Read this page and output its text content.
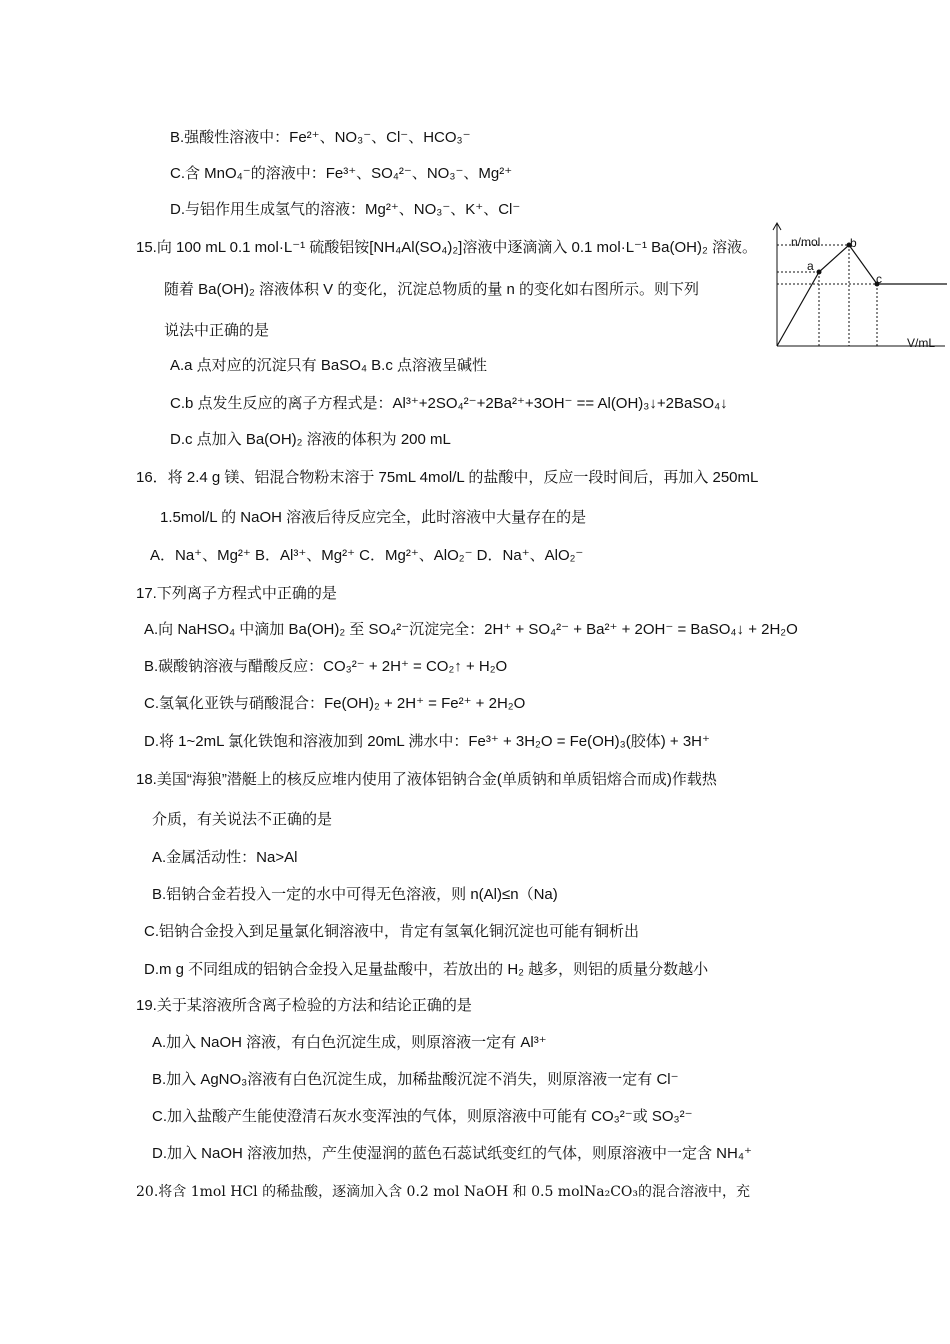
B.强酸性溶液中：Fe²⁺、NO₃⁻、Cl⁻、HCO₃⁻
C.含 MnO₄⁻的溶液中：Fe³⁺、SO₄²⁻、NO₃⁻、Mg²⁺
D.与铝作用生成氢气的溶液：Mg²⁺、NO₃⁻、K⁺、Cl⁻
15.向 100 mL 0.1 mol·L⁻¹ 硫酸铝铵[NH₄Al(SO₄)₂]溶液中逐滴滴入 0.1 mol·L⁻¹ Ba(OH)₂ 溶液。
随着 Ba(OH)₂ 溶液体积 V 的变化，沉淀总物质的量 n 的变化如右图所示。则下列
说法中正确的是
A.a 点对应的沉淀只有 BaSO₄ B.c 点溶液呈碱性
C.b 点发生反应的离子方程式是：Al³⁺+2SO₄²⁻+2Ba²⁺+3OH⁻ == Al(OH)₃↓+2BaSO₄↓
D.c 点加入 Ba(OH)₂ 溶液的体积为 200 mL
16．将 2.4 g 镁、铝混合物粉末溶于 75mL 4mol/L 的盐酸中，反应一段时间后，再加入 250mL
1.5mol/L 的 NaOH 溶液后待反应完全，此时溶液中大量存在的是
A．Na⁺、Mg²⁺ B．Al³⁺、Mg²⁺ C．Mg²⁺、AlO₂⁻ D．Na⁺、AlO₂⁻
17.下列离子方程式中正确的是
A.向 NaHSO₄ 中滴加 Ba(OH)₂ 至 SO₄²⁻沉淀完全：2H⁺ + SO₄²⁻ + Ba²⁺ + 2OH⁻ = BaSO₄↓ + 2H₂O
B.碳酸钠溶液与醋酸反应：CO₃²⁻ + 2H⁺ = CO₂↑ + H₂O
C.氢氧化亚铁与硝酸混合：Fe(OH)₂ + 2H⁺ = Fe²⁺ + 2H₂O
D.将 1~2mL 氯化铁饱和溶液加到 20mL 沸水中：Fe³⁺ + 3H₂O = Fe(OH)₃(胶体) + 3H⁺
18.美国“海狼”潜艇上的核反应堆内使用了液体铝钠合金(单质钠和单质铝熔合而成)作载热
介质，有关说法不正确的是
A.金属活动性：Na>Al
B.铝钠合金若投入一定的水中可得无色溶液，则 n(Al)≤n（Na)
C.铝钠合金投入到足量氯化铜溶液中，肯定有氢氧化铜沉淀也可能有铜析出
D.m g 不同组成的铝钠合金投入足量盐酸中，若放出的 H₂ 越多，则铝的质量分数越小
19.关于某溶液所含离子检验的方法和结论正确的是
A.加入 NaOH 溶液，有白色沉淀生成，则原溶液一定有 Al³⁺
B.加入 AgNO₃溶液有白色沉淀生成，加稀盐酸沉淀不消失，则原溶液一定有 Cl⁻
C.加入盐酸产生能使澄清石灰水变浑浊的气体，则原溶液中可能有 CO₃²⁻或 SO₃²⁻
D.加入 NaOH 溶液加热，产生使湿润的蓝色石蕊试纸变红的气体，则原溶液中一定含 NH₄⁺
20.将含 1mol HCl 的稀盐酸，逐滴加入含 0.2 mol NaOH 和 0.5 molNa₂CO₃的混合溶液中，充
n/mol
V/mL
a
b
c
